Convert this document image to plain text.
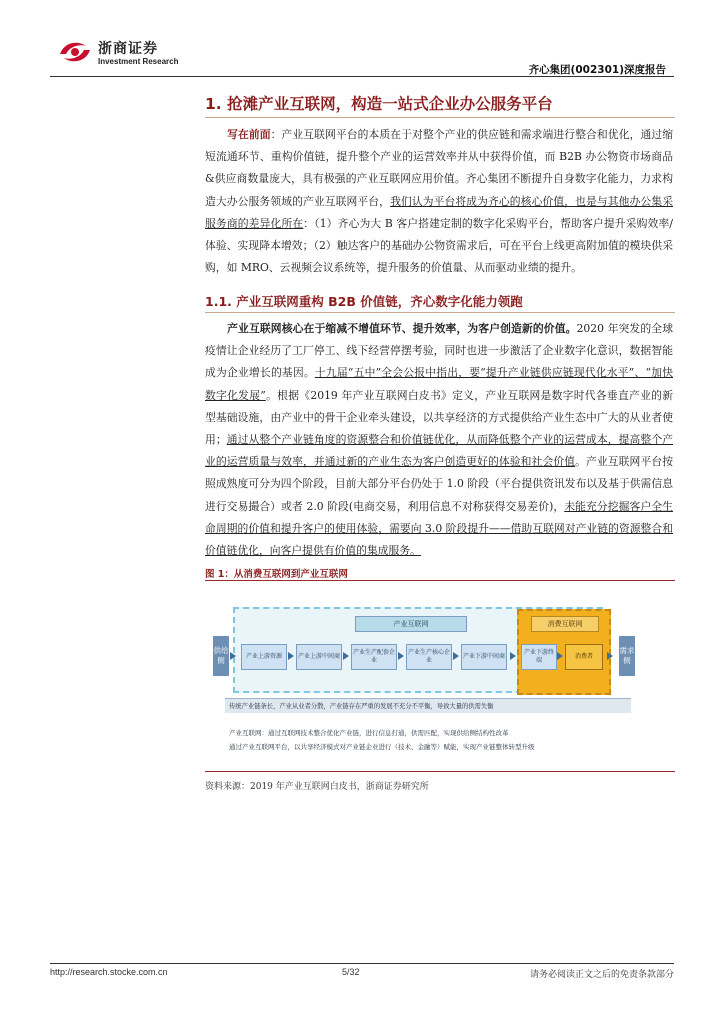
浙商证券
Investment Research
齐心集团(002301)深度报告
1. 抢滩产业互联网，构造一站式企业办公服务平台
写在前面：产业互联网平台的本质在于对整个产业的供应链和需求端进行整合和优化，通过缩短流通环节、重构价值链，提升整个产业的运营效率并从中获得价值，而 B2B 办公物资市场商品&供应商数量庞大，具有极强的产业互联网应用价值。齐心集团不断提升自身数字化能力，力求构造大办公服务领域的产业互联网平台，我们认为平台将成为齐心的核心价值，也是与其他办公集采服务商的差异化所在：（1）齐心为大 B 客户搭建定制的数字化采购平台，帮助客户提升采购效率/体验、实现降本增效；（2）触达客户的基础办公物资需求后，可在平台上线更高附加值的模块供采购，如 MRO、云视频会议系统等，提升服务的价值量、从而驱动业绩的提升。
1.1. 产业互联网重构 B2B 价值链，齐心数字化能力领跑
产业互联网核心在于缩减不增值环节、提升效率，为客户创造新的价值。2020 年突发的全球疫情让企业经历了工厂停工、线下经营停摆考验，同时也进一步激活了企业数字化意识，数据智能成为企业增长的基因。十九届“五中”全会公报中指出，要“提升产业链供应链现代化水平”、“加快数字化发展”。根据《2019 年产业互联网白皮书》定义，产业互联网是数字时代各垂直产业的新型基础设施，由产业中的骨干企业牵头建设，以共享经济的方式提供给产业生态中广大的从业者使用；通过从整个产业链角度的资源整合和价值链优化，从而降低整个产业的运营成本，提高整个产业的运营质量与效率，并通过新的产业生态为客户创造更好的体验和社会价值。产业互联网平台按照成熟度可分为四个阶段，目前大部分平台仍处于 1.0 阶段（平台提供资讯发布以及基于供需信息进行交易撮合）或者 2.0 阶段(电商交易，利用信息不对称获得交易差价)，未能充分挖掘客户全生命周期的价值和提升客户的使用体验，需要向 3.0 阶段提升——借助互联网对产业链的资源整合和价值链优化，向客户提供有价值的集成服务。
图 1：从消费互联网到产业互联网
产业互联网	消费互联网
供给侧
需求侧
产业上游资源	产业上游中间商
产业生产配套企业
产业生产核心企业
产业下游中间商
产业下游终端
消费者
传统产业链条长，产业从业者分散，产业链存在严重的发展不充分不平衡，导致大量的供需失衡
产业互联网：通过互联网技术整合优化产业链，进行信息打通，供需匹配，实现供给侧结构性改革
通过产业互联网平台，以共享经济模式对产业链企业进行（技术、金融等）赋能，实现产业链整体转型升级
资料来源：2019 年产业互联网白皮书，浙商证券研究所
http://research.stocke.com.cn	5/32	请务必阅读正文之后的免责条款部分
